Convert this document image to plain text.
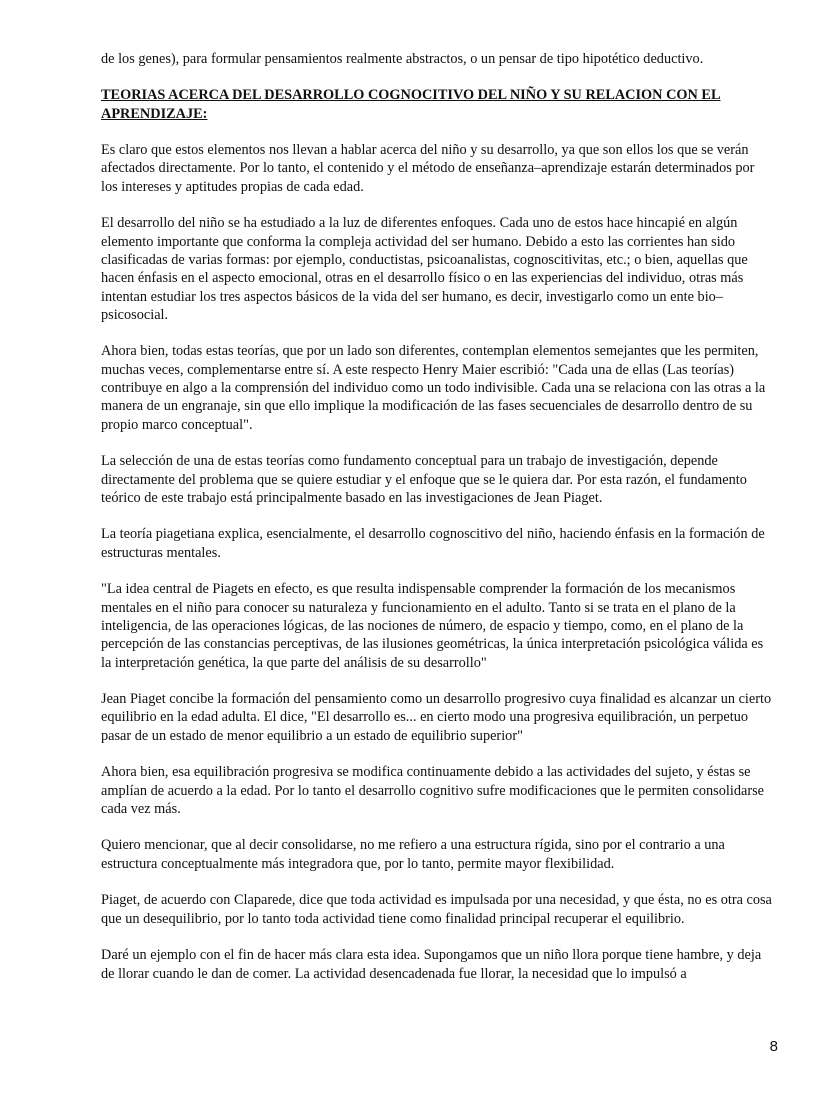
de los genes), para formular pensamientos realmente abstractos, o un pensar de tipo hipotético deductivo.

TEORIAS ACERCA DEL DESARROLLO COGNOCITIVO DEL NIÑO Y SU RELACION CON EL APRENDIZAJE:

Es claro que estos elementos nos llevan a hablar acerca del niño y su desarrollo, ya que son ellos los que se verán afectados directamente. Por lo tanto, el contenido y el método de enseñanza–aprendizaje estarán determinados por los intereses y aptitudes propias de cada edad.

El desarrollo del niño se ha estudiado a la luz de diferentes enfoques. Cada uno de estos hace hincapié en algún elemento importante que conforma la compleja actividad del ser humano. Debido a esto las corrientes han sido clasificadas de varias formas: por ejemplo, conductistas, psicoanalistas, cognoscitivitas, etc.; o bien, aquellas que hacen énfasis en el aspecto emocional, otras en el desarrollo físico o en las experiencias del individuo, otras más intentan estudiar los tres aspectos básicos de la vida del ser humano, es decir, investigarlo como un ente bio–psicosocial.

Ahora bien, todas estas teorías, que por un lado son diferentes, contemplan elementos semejantes que les permiten, muchas veces, complementarse entre sí. A este respecto Henry Maier escribió: "Cada una de ellas (Las teorías) contribuye en algo a la comprensión del individuo como un todo indivisible. Cada una se relaciona con las otras a la manera de un engranaje, sin que ello implique la modificación de las fases secuenciales de desarrollo dentro de su propio marco conceptual".

La selección de una de estas teorías como fundamento conceptual para un trabajo de investigación, depende directamente del problema que se quiere estudiar y el enfoque que se le quiera dar. Por esta razón, el fundamento teórico de este trabajo está principalmente basado en las investigaciones de Jean Piaget.

La teoría piagetiana explica, esencialmente, el desarrollo cognoscitivo del niño, haciendo énfasis en la formación de estructuras mentales.

"La idea central de Piagets en efecto, es que resulta indispensable comprender la formación de los mecanismos mentales en el niño para conocer su naturaleza y funcionamiento en el adulto. Tanto si se trata en el plano de la inteligencia, de las operaciones lógicas, de las nociones de número, de espacio y tiempo, como, en el plano de la percepción de las constancias perceptivas, de las ilusiones geométricas, la única interpretación psicológica válida es la interpretación genética, la que parte del análisis de su desarrollo"

Jean Piaget concibe la formación del pensamiento como un desarrollo progresivo cuya finalidad es alcanzar un cierto equilibrio en la edad adulta. El dice, "El desarrollo es... en cierto modo una progresiva equilibración, un perpetuo pasar de un estado de menor equilibrio a un estado de equilibrio superior"

Ahora bien, esa equilibración progresiva se modifica continuamente debido a las actividades del sujeto, y éstas se amplían de acuerdo a la edad. Por lo tanto el desarrollo cognitivo sufre modificaciones que le permiten consolidarse cada vez más.

Quiero mencionar, que al decir consolidarse, no me refiero a una estructura rígida, sino por el contrario a una estructura conceptualmente más integradora que, por lo tanto, permite mayor flexibilidad.

Piaget, de acuerdo con Claparede, dice que toda actividad es impulsada por una necesidad, y que ésta, no es otra cosa que un desequilibrio, por lo tanto toda actividad tiene como finalidad principal recuperar el equilibrio.

Daré un ejemplo con el fin de hacer más clara esta idea. Supongamos que un niño llora porque tiene hambre, y deja de llorar cuando le dan de comer. La actividad desencadenada fue llorar, la necesidad que lo impulsó a

8
